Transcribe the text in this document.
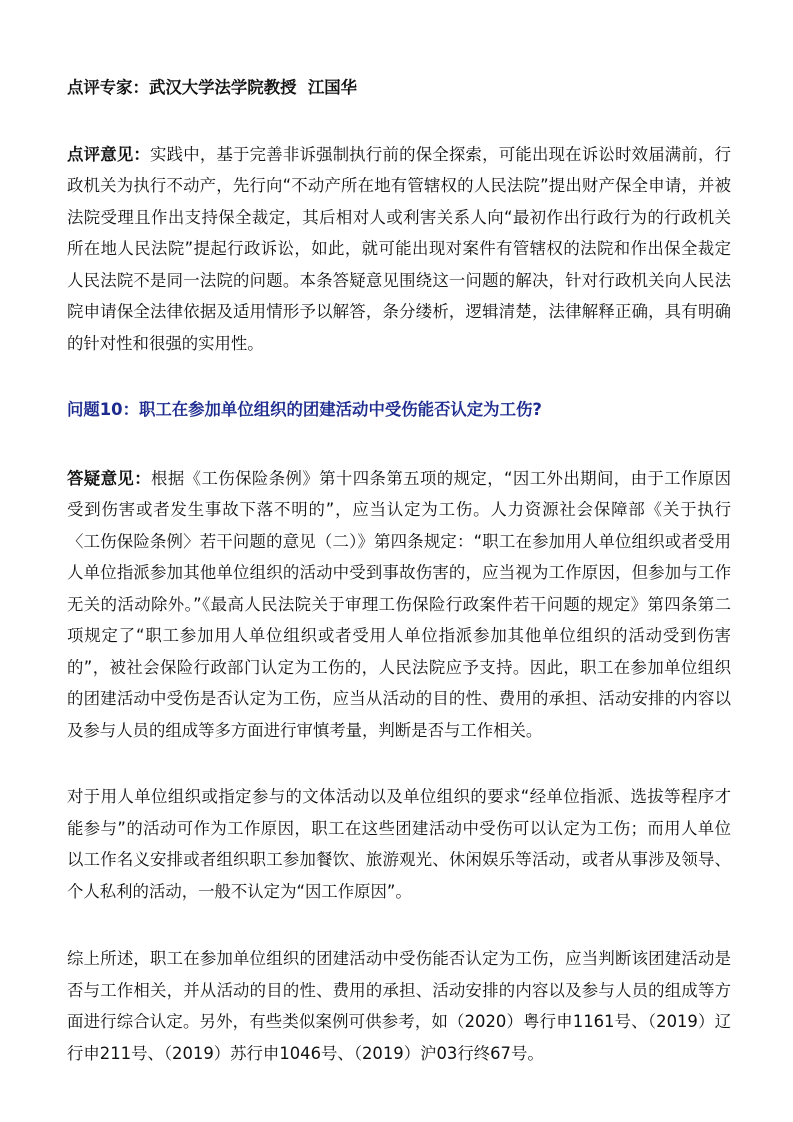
点评专家：武汉大学法学院教授  江国华

点评意见：实践中，基于完善非诉强制执行前的保全探索，可能出现在诉讼时效届满前，行政机关为执行不动产，先行向“不动产所在地有管辖权的人民法院”提出财产保全申请，并被法院受理且作出支持保全裁定，其后相对人或利害关系人向“最初作出行政行为的行政机关所在地人民法院”提起行政诉讼，如此，就可能出现对案件有管辖权的法院和作出保全裁定人民法院不是同一法院的问题。本条答疑意见围绕这一问题的解决，针对行政机关向人民法院申请保全法律依据及适用情形予以解答，条分缕析，逻辑清楚，法律解释正确，具有明确的针对性和很强的实用性。

问题10：职工在参加单位组织的团建活动中受伤能否认定为工伤?

答疑意见：根据《工伤保险条例》第十四条第五项的规定，“因工外出期间，由于工作原因受到伤害或者发生事故下落不明的”，应当认定为工伤。人力资源社会保障部《关于执行〈工伤保险条例〉若干问题的意见（二）》第四条规定：“职工在参加用人单位组织或者受用人单位指派参加其他单位组织的活动中受到事故伤害的，应当视为工作原因，但参加与工作无关的活动除外。”《最高人民法院关于审理工伤保险行政案件若干问题的规定》第四条第二项规定了“职工参加用人单位组织或者受用人单位指派参加其他单位组织的活动受到伤害的”，被社会保险行政部门认定为工伤的，人民法院应予支持。因此，职工在参加单位组织的团建活动中受伤是否认定为工伤，应当从活动的目的性、费用的承担、活动安排的内容以及参与人员的组成等多方面进行审慎考量，判断是否与工作相关。

对于用人单位组织或指定参与的文体活动以及单位组织的要求“经单位指派、选拔等程序才能参与”的活动可作为工作原因，职工在这些团建活动中受伤可以认定为工伤；而用人单位以工作名义安排或者组织职工参加餐饮、旅游观光、休闲娱乐等活动，或者从事涉及领导、个人私利的活动，一般不认定为“因工作原因”。

综上所述，职工在参加单位组织的团建活动中受伤能否认定为工伤，应当判断该团建活动是否与工作相关，并从活动的目的性、费用的承担、活动安排的内容以及参与人员的组成等方面进行综合认定。另外，有些类似案例可供参考，如（2020）粤行申1161号、（2019）辽行申211号、（2019）苏行申1046号、（2019）沪03行终67号。
